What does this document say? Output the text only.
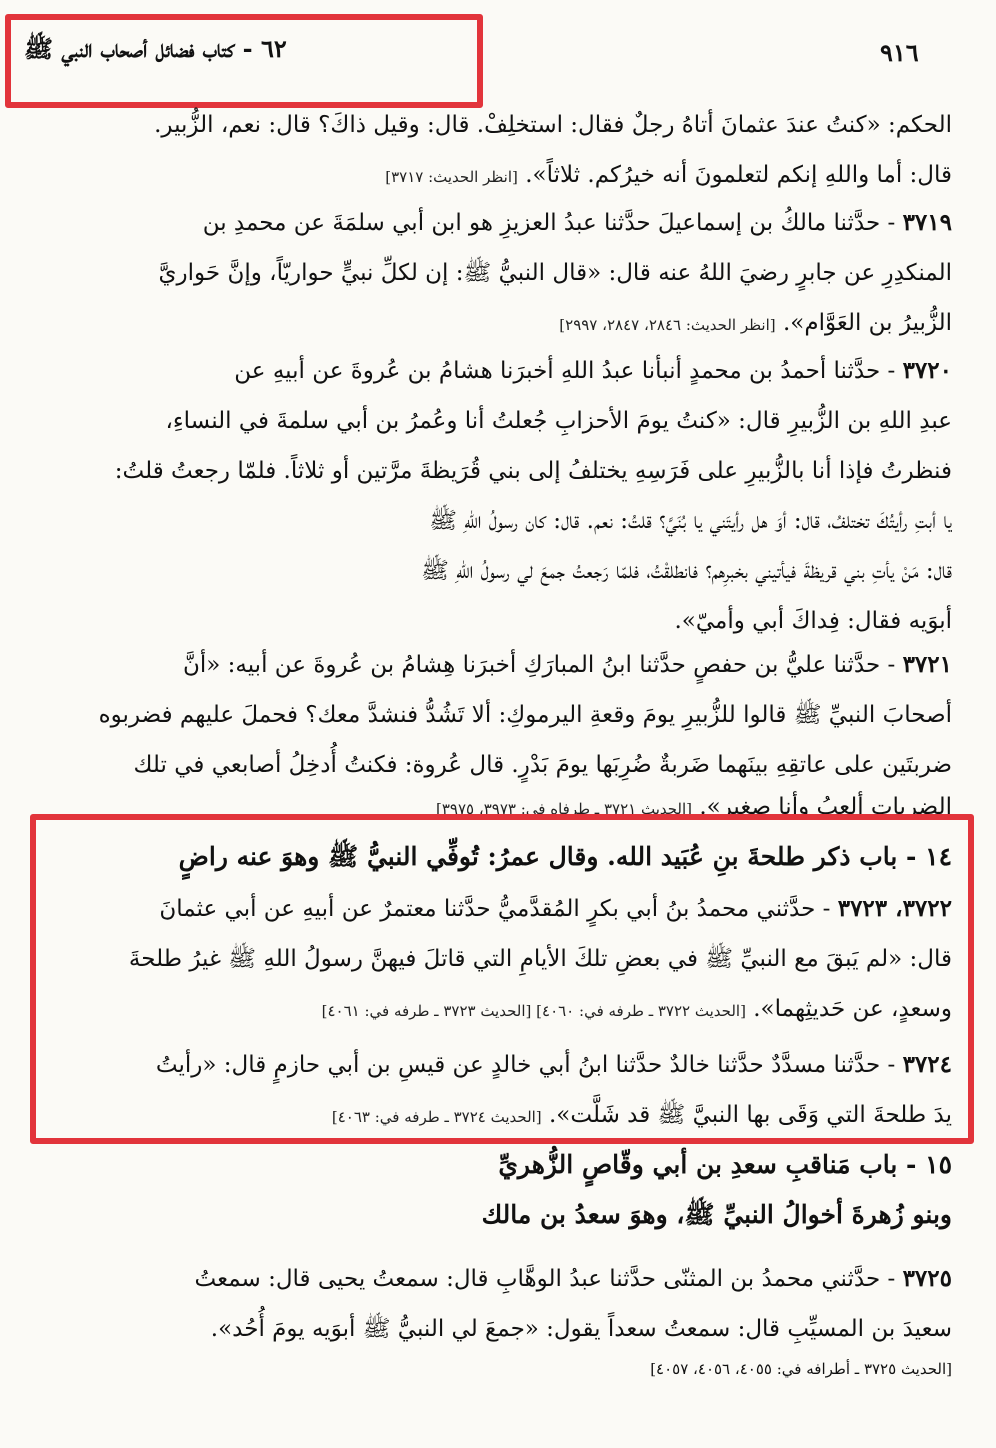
٦٢ - كتاب فضائل أصحاب النبي ﷺ	٩١٦
الحكم: «كنتُ عندَ عثمانَ أتاهُ رجلٌ فقال: استخلِفْ. قال: وقيل ذاكَ؟ قال: نعم، الزُّبير.
قال: أما واللهِ إنكم لتعلمونَ أنه خيرُكم. ثلاثاً». [انظر الحديث: ٣٧١٧]
٣٧١٩ - حدَّثنا مالكُ بن إسماعيلَ حدَّثنا عبدُ العزيزِ هو ابن أبي سلمَةَ عن محمدِ بن
المنكدِرِ عن جابرٍ رضيَ اللهُ عنه قال: «قال النبيُّ ﷺ: إن لكلِّ نبيٍّ حواريّاً، وإنَّ حَواريَّ
الزُّبيرُ بن العَوَّام». [انظر الحديث: ٢٨٤٦، ٢٨٤٧، ٢٩٩٧]
٣٧٢٠ - حدَّثنا أحمدُ بن محمدٍ أنبأنا عبدُ اللهِ أخبرَنا هشامُ بن عُروةَ عن أبيهِ عن
عبدِ اللهِ بن الزُّبيرِ قال: «كنتُ يومَ الأحزابِ جُعلتُ أنا وعُمرُ بن أبي سلمةَ في النساءِ،
فنظرتُ فإذا أنا بالزُّبيرِ على فَرَسِهِ يختلفُ إلى بني قُرَيظةَ مرَّتين أو ثلاثاً. فلمّا رجعتُ قلتُ:
يا أبتِ رأيتُكَ تختلفُ، قال: أوَ هل رأيتَني يا بُنَيَّ؟ قلتُ: نعم. قال: كان رسولُ اللهِ ﷺ
قال: مَنْ يأتِ بني قريظةَ فيأتيني بخبرِهم؟ فانطلقْتُ، فلمّا رَجعتُ جمعَ لي رسولُ اللهِ ﷺ
أبوَيه فقال: فِداكَ أبي وأميّ».
٣٧٢١ - حدَّثنا عليُّ بن حفصٍ حدَّثنا ابنُ المبارَكِ أخبرَنا هِشامُ بن عُروةَ عن أبيه: «أنَّ
أصحابَ النبيِّ ﷺ قالوا للزُّبيرِ يومَ وقعةِ اليرموكِ: ألا تَشُدُّ فنشدَّ معك؟ فحملَ عليهم فضربوه
ضربتَين على عاتقِهِ بينَهما ضَربةٌ ضُرِبَها يومَ بَدْرٍ. قال عُروة: فكنتُ أُدخِلُ أصابعي في تلك
الضرباتِ ألعبُ وأنا صغير». [الحديث ٣٧٢١ ـ طرفاه في: ٣٩٧٣، ٣٩٧٥]
١٤ - باب ذكر طلحةَ بنِ عُبَيد الله. وقال عمرُ: تُوفِّي النبيُّ ﷺ وهوَ عنه راضٍ
٣٧٢٢، ٣٧٢٣ - حدَّثني محمدُ بنُ أبي بكرٍ المُقدَّميُّ حدَّثنا معتمرٌ عن أبيهِ عن أبي عثمانَ
قال: «لم يَبقَ مع النبيِّ ﷺ في بعضِ تلكَ الأيامِ التي قاتلَ فيهنَّ رسولُ اللهِ ﷺ غيرُ طلحةَ
وسعدٍ، عن حَديثِهما». [الحديث ٣٧٢٢ ـ طرفه في: ٤٠٦٠] [الحديث ٣٧٢٣ ـ طرفه في: ٤٠٦١]
٣٧٢٤ - حدَّثنا مسدَّدٌ حدَّثنا خالدٌ حدَّثنا ابنُ أبي خالدٍ عن قيسِ بن أبي حازمٍ قال: «رأيتُ
يدَ طلحةَ التي وَقَى بها النبيَّ ﷺ قد شَلَّت». [الحديث ٣٧٢٤ ـ طرفه في: ٤٠٦٣]
١٥ - باب مَناقبِ سعدِ بن أبي وقّاصٍ الزُّهريِّ
وبنو زُهرةَ أخوالُ النبيِّ ﷺ، وهوَ سعدُ بن مالك
٣٧٢٥ - حدَّثني محمدُ بن المثنّى حدَّثنا عبدُ الوهَّابِ قال: سمعتُ يحيى قال: سمعتُ
سعيدَ بن المسيِّبِ قال: سمعتُ سعداً يقول: «جمعَ لي النبيُّ ﷺ أبوَيه يومَ أُحُد».
[الحديث ٣٧٢٥ ـ أطرافه في: ٤٠٥٥، ٤٠٥٦، ٤٠٥٧]
